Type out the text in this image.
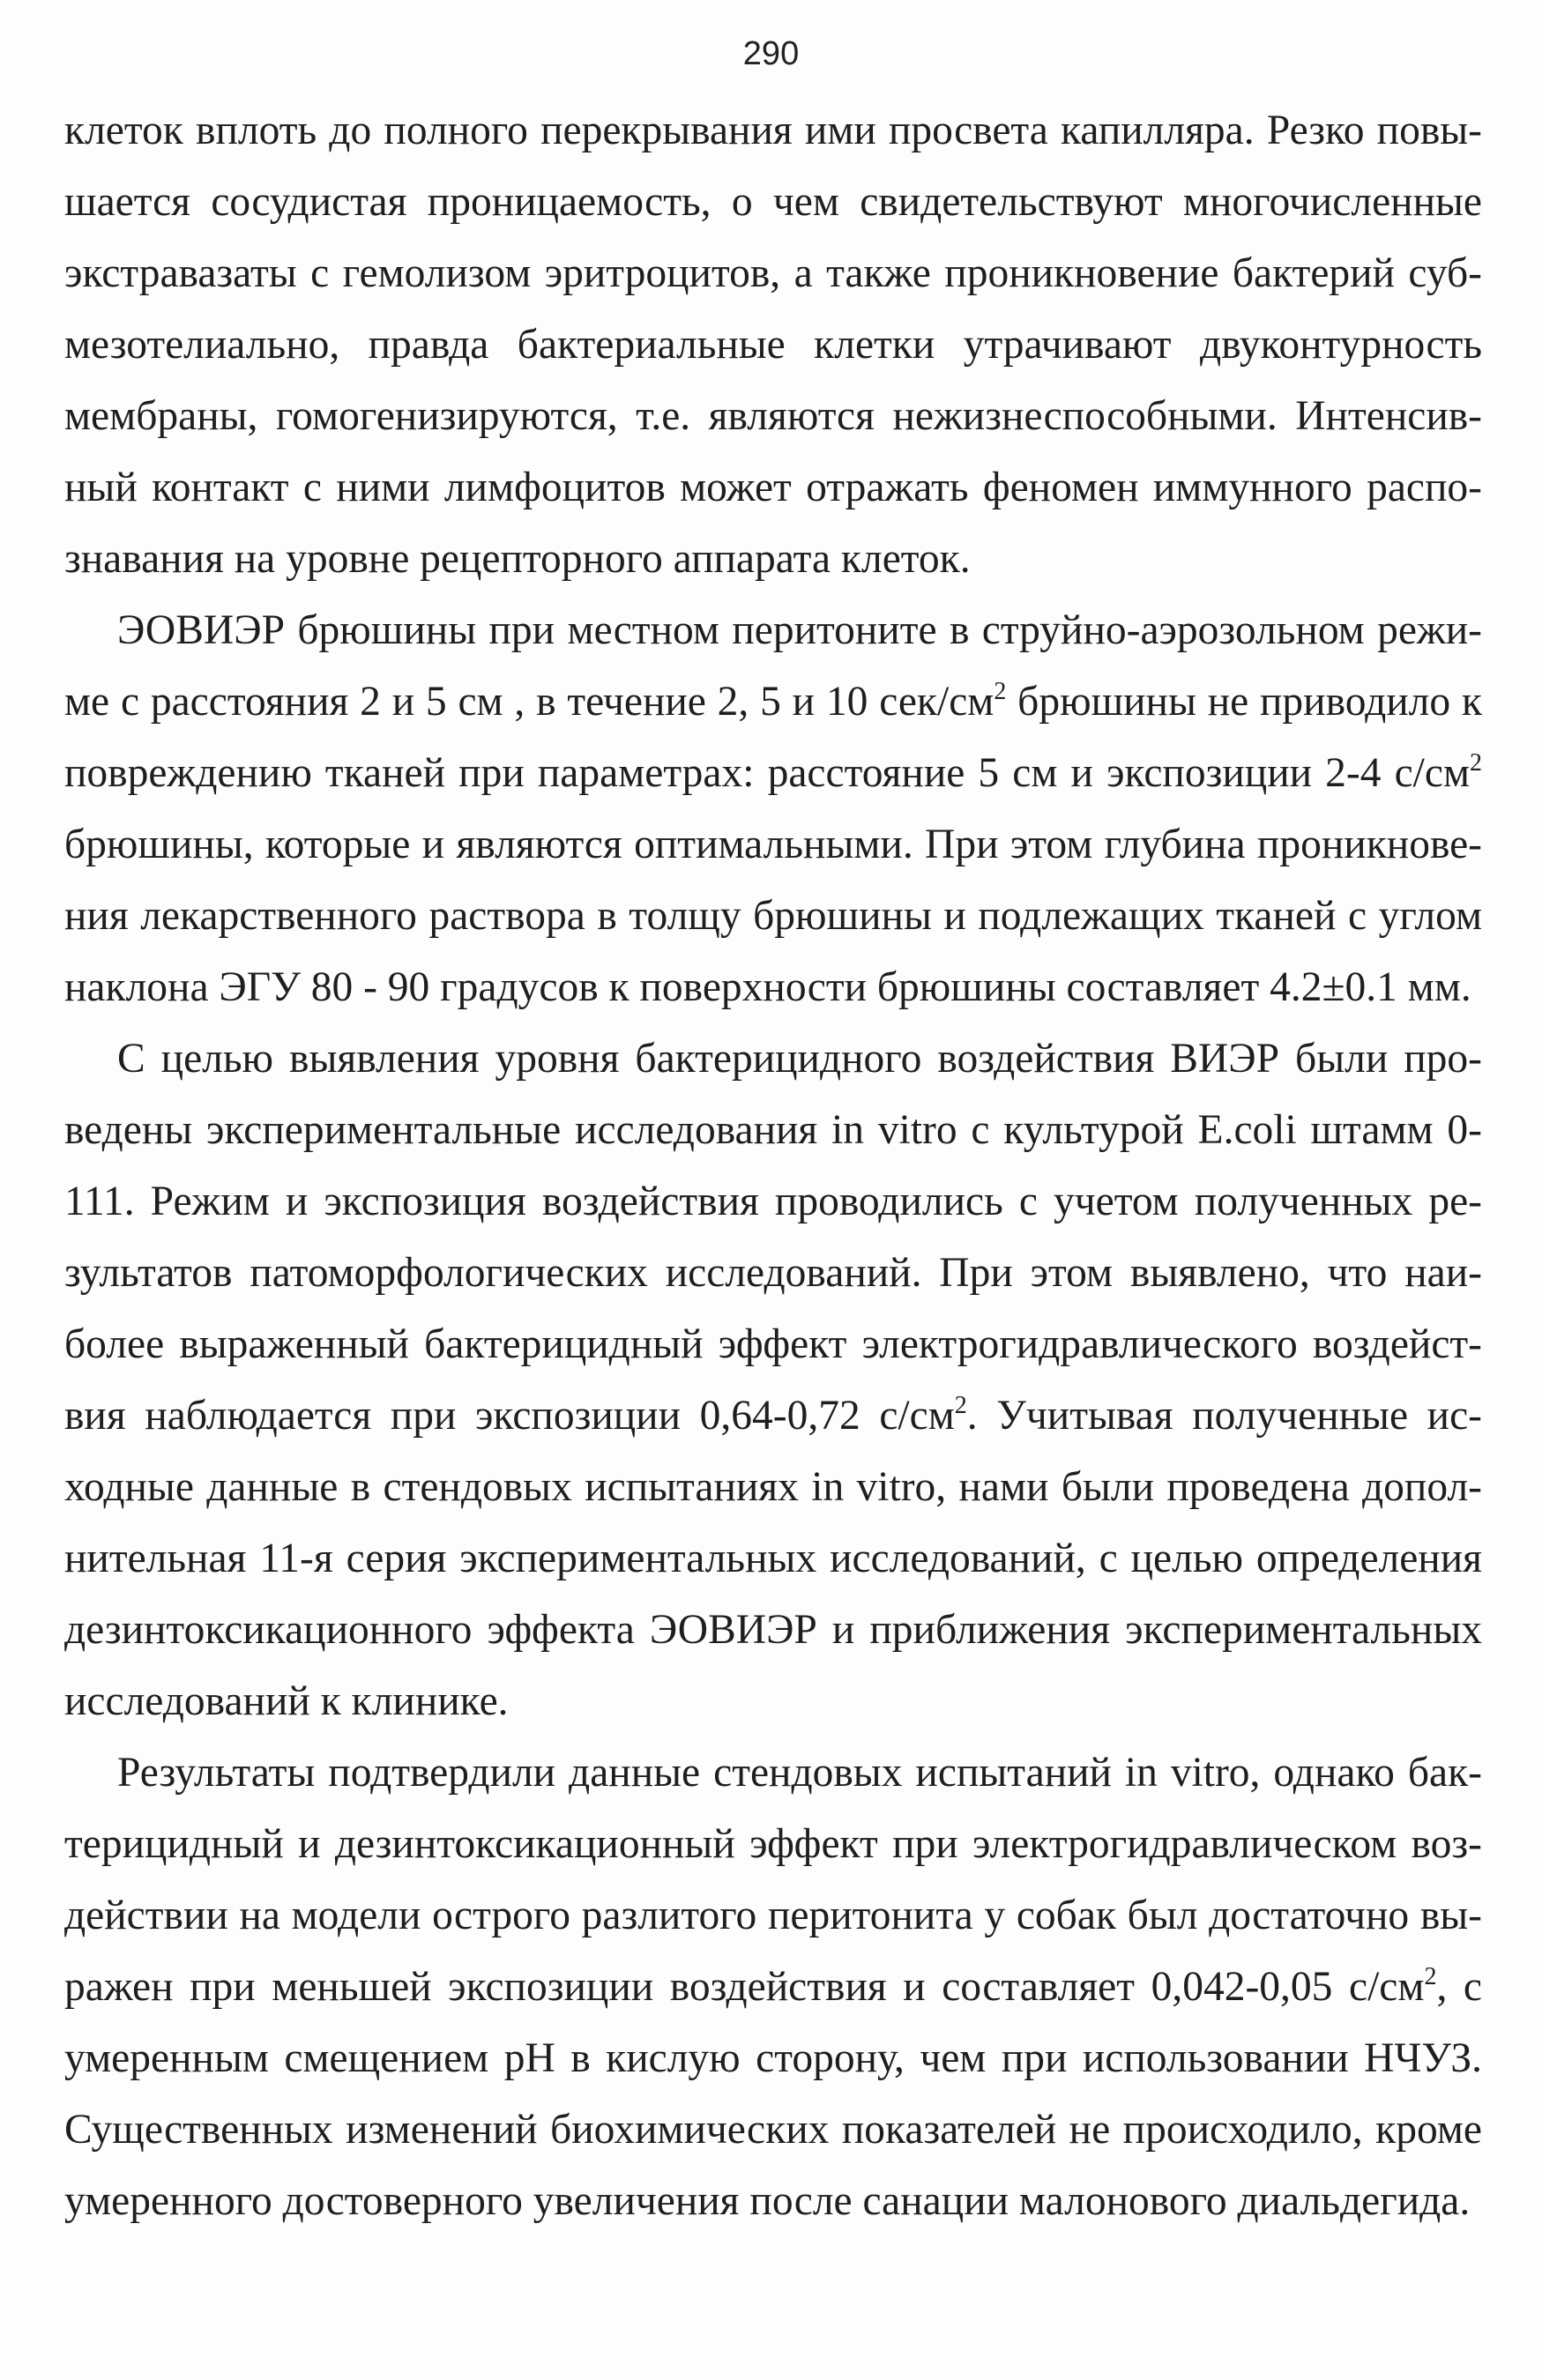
290
клеток вплоть до полного перекрывания ими просвета капилляра. Резко повы-
шается сосудистая проницаемость, о чем свидетельствуют многочисленные
экстравазаты с гемолизом эритроцитов, а также проникновение бактерий суб-
мезотелиально, правда бактериальные клетки утрачивают двуконтурность
мембраны, гомогенизируются, т.е. являются нежизнеспособными. Интенсив-
ный контакт с ними лимфоцитов может отражать феномен иммунного распо-
знавания на уровне рецепторного аппарата клеток.
ЭОВИЭР брюшины при местном перитоните в струйно-аэрозольном режи-
ме с расстояния 2 и 5 см , в течение 2, 5 и 10 сек/$см^2$ брюшины не приводило к
повреждению тканей при параметрах: расстояние 5 см и экспозиции 2-4 $с/см^2$
брюшины, которые и являются оптимальными. При этом глубина проникнове-
ния лекарственного раствора в толщу брюшины и подлежащих тканей с углом
наклона ЭГУ 80 - 90 градусов к поверхности брюшины составляет 4.2±0.1 мм.
С целью выявления уровня бактерицидного воздействия ВИЭР были про-
ведены экспериментальные исследования in vitro с культурой E.coli штамм 0-
111. Режим и экспозиция воздействия проводились с учетом полученных ре-
зультатов патоморфологических исследований. При этом выявлено, что наи-
более выраженный бактерицидный эффект электрогидравлического воздейст-
вия наблюдается при экспозиции 0,64-0,72 $с/см^2$. Учитывая полученные ис-
ходные данные в стендовых испытаниях in vitro, нами были проведена допол-
нительная 11-я серия экспериментальных исследований, с целью определения
дезинтоксикационного эффекта ЭОВИЭР и приближения экспериментальных
исследований к клинике.
Результаты подтвердили данные стендовых испытаний in vitro, однако бак-
терицидный и дезинтоксикационный эффект при электрогидравлическом воз-
действии на модели острого разлитого перитонита у собак был достаточно вы-
ражен при меньшей экспозиции воздействия и составляет 0,042-0,05 $с/см^2$, с
умеренным смещением рН в кислую сторону, чем при использовании НЧУЗ.
Существенных изменений биохимических показателей не происходило, кроме
умеренного достоверного увеличения после санации малонового диальдегида.
